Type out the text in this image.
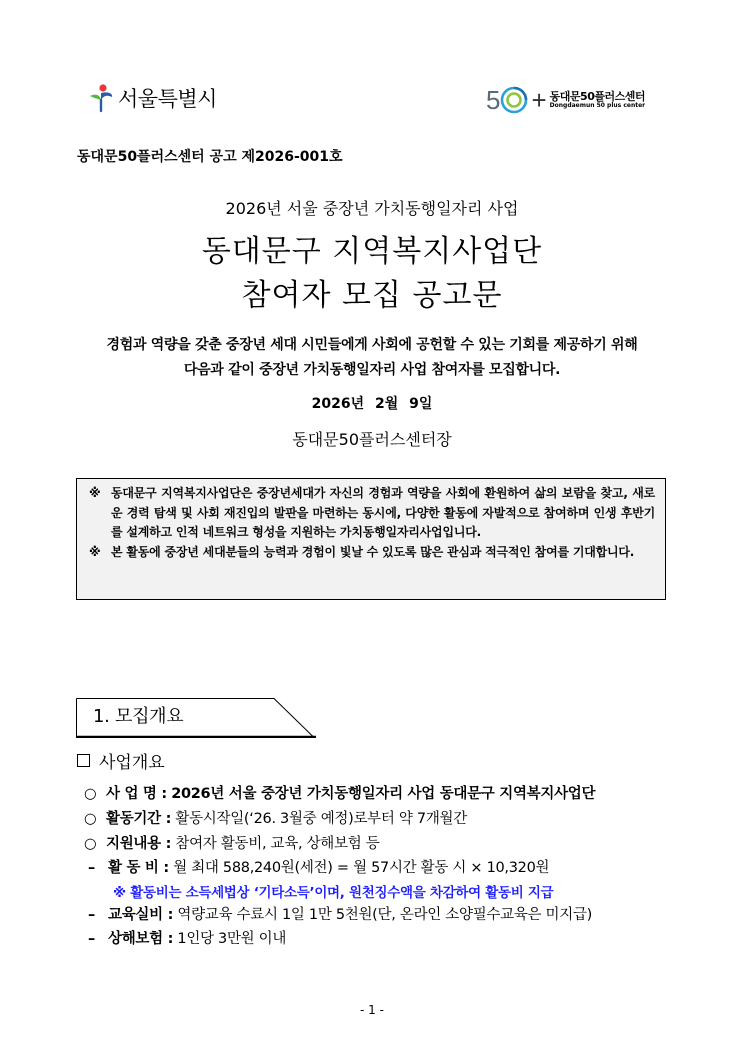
서울특별시	5 + 동대문50플러스센터
Dongdaemun 50 plus center
동대문50플러스센터 공고 제2026-001호
2026년 서울 중장년 가치동행일자리 사업
동대문구 지역복지사업단
참여자 모집 공고문
경험과 역량을 갖춘 중장년 세대 시민들에게 사회에 공헌할 수 있는 기회를 제공하기 위해
다음과 같이 중장년 가치동행일자리 사업 참여자를 모집합니다.
2026년 2월 9일
동대문50플러스센터장
※ 동대문구 지역복지사업단은 중장년세대가 자신의 경험과 역량을 사회에 환원하여 삶의 보람을 찾고, 새로운 경력 탐색 및 사회 재진입의 발판을 마련하는 동시에, 다양한 활동에 자발적으로 참여하며 인생 후반기를 설계하고 인적 네트워크 형성을 지원하는 가치동행일자리사업입니다.
※ 본 활동에 중장년 세대분들의 능력과 경험이 빛날 수 있도록 많은 관심과 적극적인 참여를 기대합니다.
1. 모집개요
사업개요
○ 사 업 명 : 2026년 서울 중장년 가치동행일자리 사업 동대문구 지역복지사업단
○ 활동기간 : 활동시작일(‘26. 3월중 예정)로부터 약 7개월간
○ 지원내용 : 참여자 활동비, 교육, 상해보험 등
– 활 동 비 : 월 최대 588,240원(세전) = 월 57시간 활동 시 × 10,320원
※ 활동비는 소득세법상 ‘기타소득’이며, 원천징수액을 차감하여 활동비 지급
– 교육실비 : 역량교육 수료시 1일 1만 5천원(단, 온라인 소양필수교육은 미지급)
– 상해보험 : 1인당 3만원 이내
- 1 -
